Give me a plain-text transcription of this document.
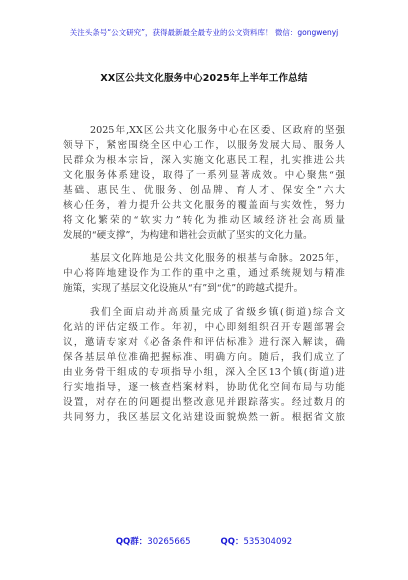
关注头条号“公文研究”，获得最新最全最专业的公文资料库！ 微信：gongwenyj
XX区公共文化服务中心2025年上半年工作总结
2025年,XX区公共文化服务中心在区委、区政府的坚强
领导下，紧密围绕全区中心工作，以服务发展大局、服务人
民群众为根本宗旨，深入实施文化惠民工程，扎实推进公共
文化服务体系建设，取得了一系列显著成效。中心聚焦“强
基础、惠民生、优服务、创品牌、育人才、保安全”六大
核心任务，着力提升公共文化服务的覆盖面与实效性，努力
将文化繁荣的“软实力”转化为推动区域经济社会高质量
发展的“硬支撑”，为构建和谐社会贡献了坚实的文化力量。
基层文化阵地是公共文化服务的根基与命脉。2025年，
中心将阵地建设作为工作的重中之重，通过系统规划与精准
施策，实现了基层文化设施从“有”到“优”的跨越式提升。
我们全面启动并高质量完成了省级乡镇(街道)综合文
化站的评估定级工作。年初，中心即刻组织召开专题部署会
议，邀请专家对《必备条件和评估标准》进行深入解读，确
保各基层单位准确把握标准、明确方向。随后，我们成立了
由业务骨干组成的专项指导小组，深入全区13个镇(街道)进
行实地指导，逐一核查档案材料，协助优化空间布局与功能
设置，对存在的问题提出整改意见并跟踪落实。经过数月的
共同努力，我区基层文化站建设面貌焕然一新。根据省文旅
QQ群：30265665	QQ：535304092
